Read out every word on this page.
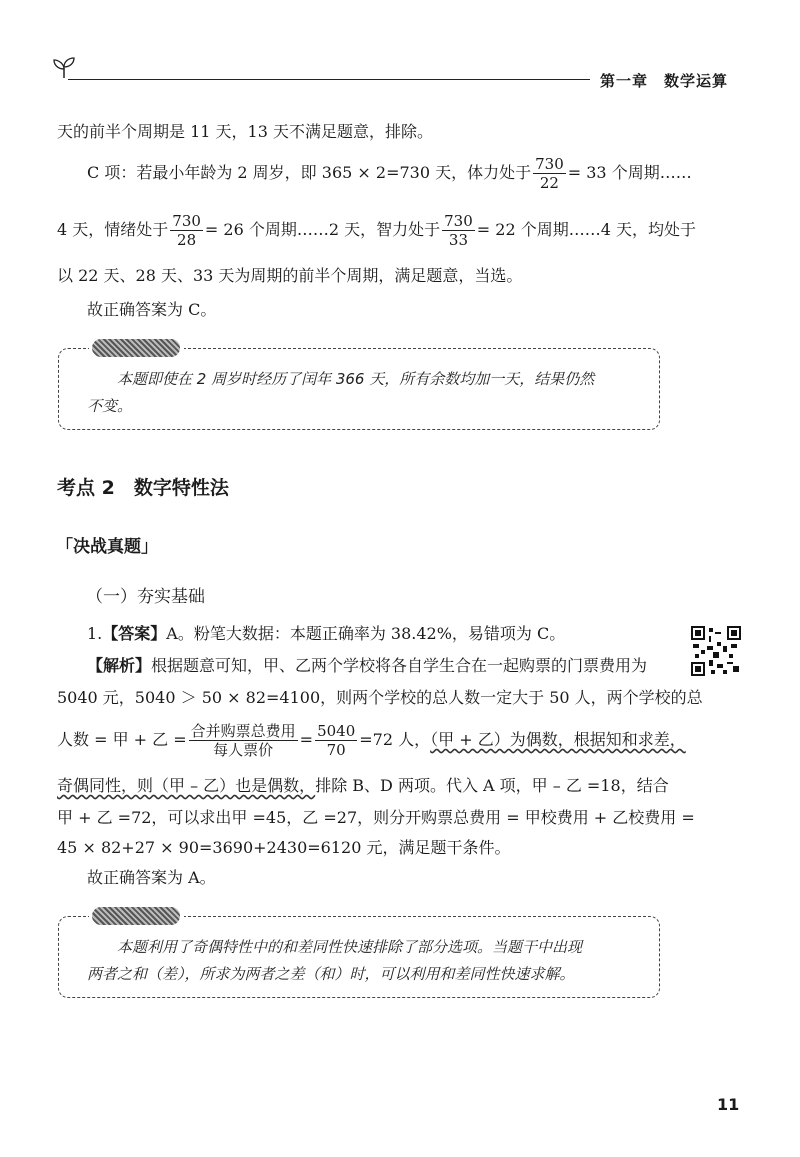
第一章　数学运算
天的前半个周期是 11 天，13 天不满足题意，排除。
C 项：若最小年龄为 2 周岁，即 365 × 2=730 天，体力处于 $\frac{730}{22} = 33$ 个周期……
4 天，情绪处于 $\frac{730}{28} = 26$ 个周期……2 天，智力处于 $\frac{730}{33} = 22$ 个周期……4 天，均处于
以 22 天、28 天、33 天为周期的前半个周期，满足题意，当选。
故正确答案为 C。
本题即使在 2 周岁时经历了闰年 366 天，所有余数均加一天，结果仍然
不变。
考点 2　数字特性法
「决战真题」
（一）夯实基础
1.【答案】A。粉笔大数据：本题正确率为 38.42%，易错项为 C。
【解析】根据题意可知，甲、乙两个学校将各自学生合在一起购票的门票费用为
5040 元，5040 ＞ 50 × 82=4100，则两个学校的总人数一定大于 50 人，两个学校的总
人数 = 甲 + 乙 = $\frac{\text{合并购票总费用}}{\text{每人票价}} = \frac{5040}{70} =72$ 人，（甲 + 乙）为偶数，根据知和求差，
奇偶同性，则（甲 – 乙）也是偶数，排除 B、D 两项。代入 A 项，甲 – 乙 =18，结合
甲 + 乙 =72，可以求出甲 =45，乙 =27，则分开购票总费用 = 甲校费用 + 乙校费用 =
45 × 82+27 × 90=3690+2430=6120 元，满足题干条件。
故正确答案为 A。
本题利用了奇偶特性中的和差同性快速排除了部分选项。当题干中出现
两者之和（差），所求为两者之差（和）时，可以利用和差同性快速求解。
11
